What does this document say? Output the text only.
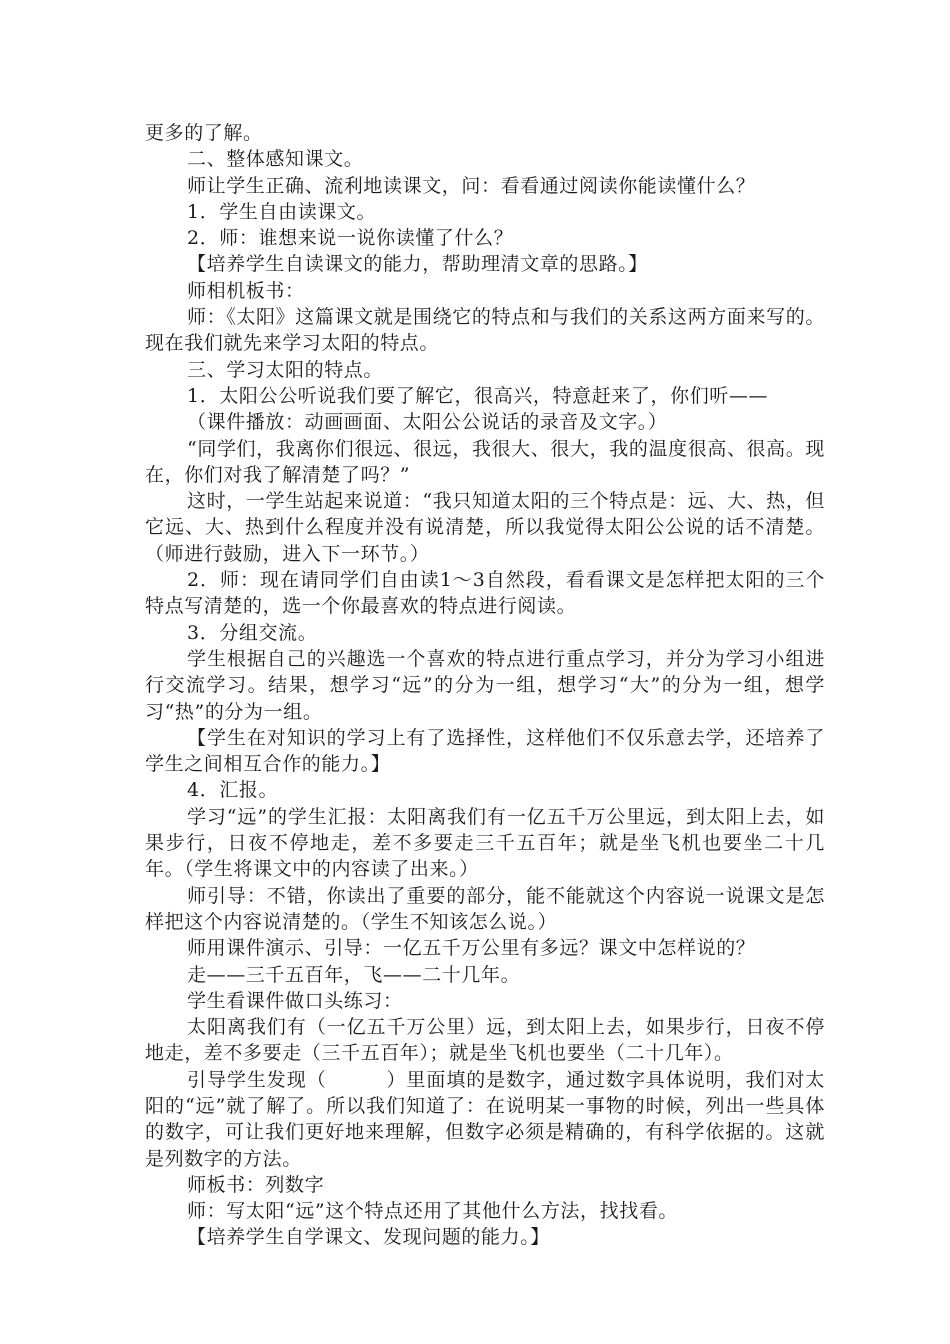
更多的了解。

二、整体感知课文。

师让学生正确、流利地读课文，问：看看通过阅读你能读懂什么？

1．学生自由读课文。

2．师：谁想来说一说你读懂了什么？

【培养学生自读课文的能力，帮助理清文章的思路。】

师相机板书：

师：《太阳》这篇课文就是围绕它的特点和与我们的关系这两方面来写的。现在我们就先来学习太阳的特点。

三、学习太阳的特点。

1．太阳公公听说我们要了解它，很高兴，特意赶来了，你们听——

（课件播放：动画画面、太阳公公说话的录音及文字。）

“同学们，我离你们很远、很远，我很大、很大，我的温度很高、很高。现在，你们对我了解清楚了吗？”

这时，一学生站起来说道：“我只知道太阳的三个特点是：远、大、热，但它远、大、热到什么程度并没有说清楚，所以我觉得太阳公公说的话不清楚。（师进行鼓励，进入下一环节。）

2．师：现在请同学们自由读1～3自然段，看看课文是怎样把太阳的三个特点写清楚的，选一个你最喜欢的特点进行阅读。

3．分组交流。

学生根据自己的兴趣选一个喜欢的特点进行重点学习，并分为学习小组进行交流学习。结果，想学习“远”的分为一组，想学习“大”的分为一组，想学习“热”的分为一组。

【学生在对知识的学习上有了选择性，这样他们不仅乐意去学，还培养了学生之间相互合作的能力。】

4．汇报。

学习“远”的学生汇报：太阳离我们有一亿五千万公里远，到太阳上去，如果步行，日夜不停地走，差不多要走三千五百年；就是坐飞机也要坐二十几年。（学生将课文中的内容读了出来。）

师引导：不错，你读出了重要的部分，能不能就这个内容说一说课文是怎样把这个内容说清楚的。（学生不知该怎么说。）

师用课件演示、引导：一亿五千万公里有多远？课文中怎样说的？

走——三千五百年，飞——二十几年。

学生看课件做口头练习：

太阳离我们有（一亿五千万公里）远，到太阳上去，如果步行，日夜不停地走，差不多要走（三千五百年）；就是坐飞机也要坐（二十几年）。

引导学生发现（　　　）里面填的是数字，通过数字具体说明，我们对太阳的“远”就了解了。所以我们知道了：在说明某一事物的时候，列出一些具体的数字，可让我们更好地来理解，但数字必须是精确的，有科学依据的。这就是列数字的方法。

师板书：列数字

师：写太阳“远”这个特点还用了其他什么方法，找找看。

【培养学生自学课文、发现问题的能力。】
